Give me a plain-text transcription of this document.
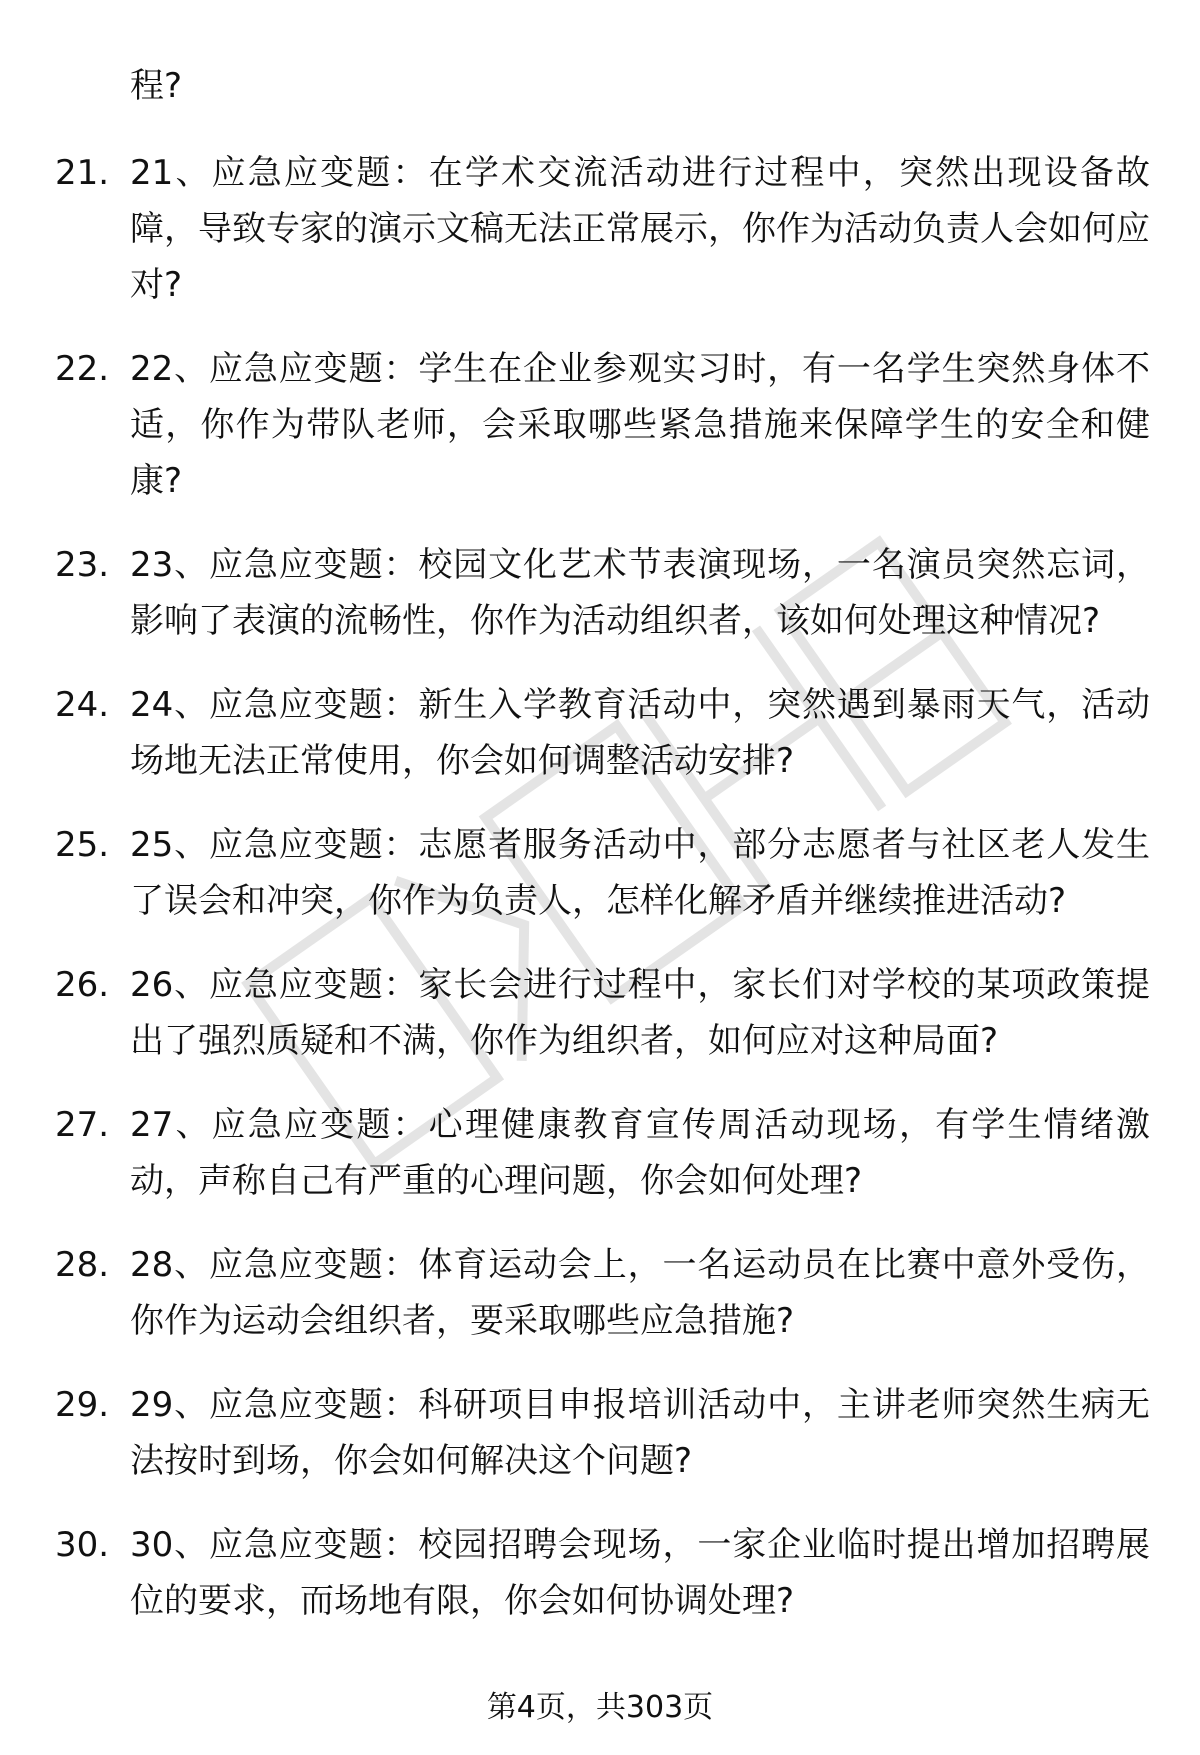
程?
21. 21、应急应变题：在学术交流活动进行过程中，突然出现设备故障，导致专家的演示文稿无法正常展示，你作为活动负责人会如何应对?
22. 22、应急应变题：学生在企业参观实习时，有一名学生突然身体不适，你作为带队老师，会采取哪些紧急措施来保障学生的安全和健康?
23. 23、应急应变题：校园文化艺术节表演现场，一名演员突然忘词，影响了表演的流畅性，你作为活动组织者，该如何处理这种情况?
24. 24、应急应变题：新生入学教育活动中，突然遇到暴雨天气，活动场地无法正常使用，你会如何调整活动安排?
25. 25、应急应变题：志愿者服务活动中，部分志愿者与社区老人发生了误会和冲突，你作为负责人，怎样化解矛盾并继续推进活动?
26. 26、应急应变题：家长会进行过程中，家长们对学校的某项政策提出了强烈质疑和不满，你作为组织者，如何应对这种局面?
27. 27、应急应变题：心理健康教育宣传周活动现场，有学生情绪激动，声称自己有严重的心理问题，你会如何处理?
28. 28、应急应变题：体育运动会上，一名运动员在比赛中意外受伤，你作为运动会组织者，要采取哪些应急措施?
29. 29、应急应变题：科研项目申报培训活动中，主讲老师突然生病无法按时到场，你会如何解决这个问题?
30. 30、应急应变题：校园招聘会现场，一家企业临时提出增加招聘展位的要求，而场地有限，你会如何协调处理?
第4页，共303页
